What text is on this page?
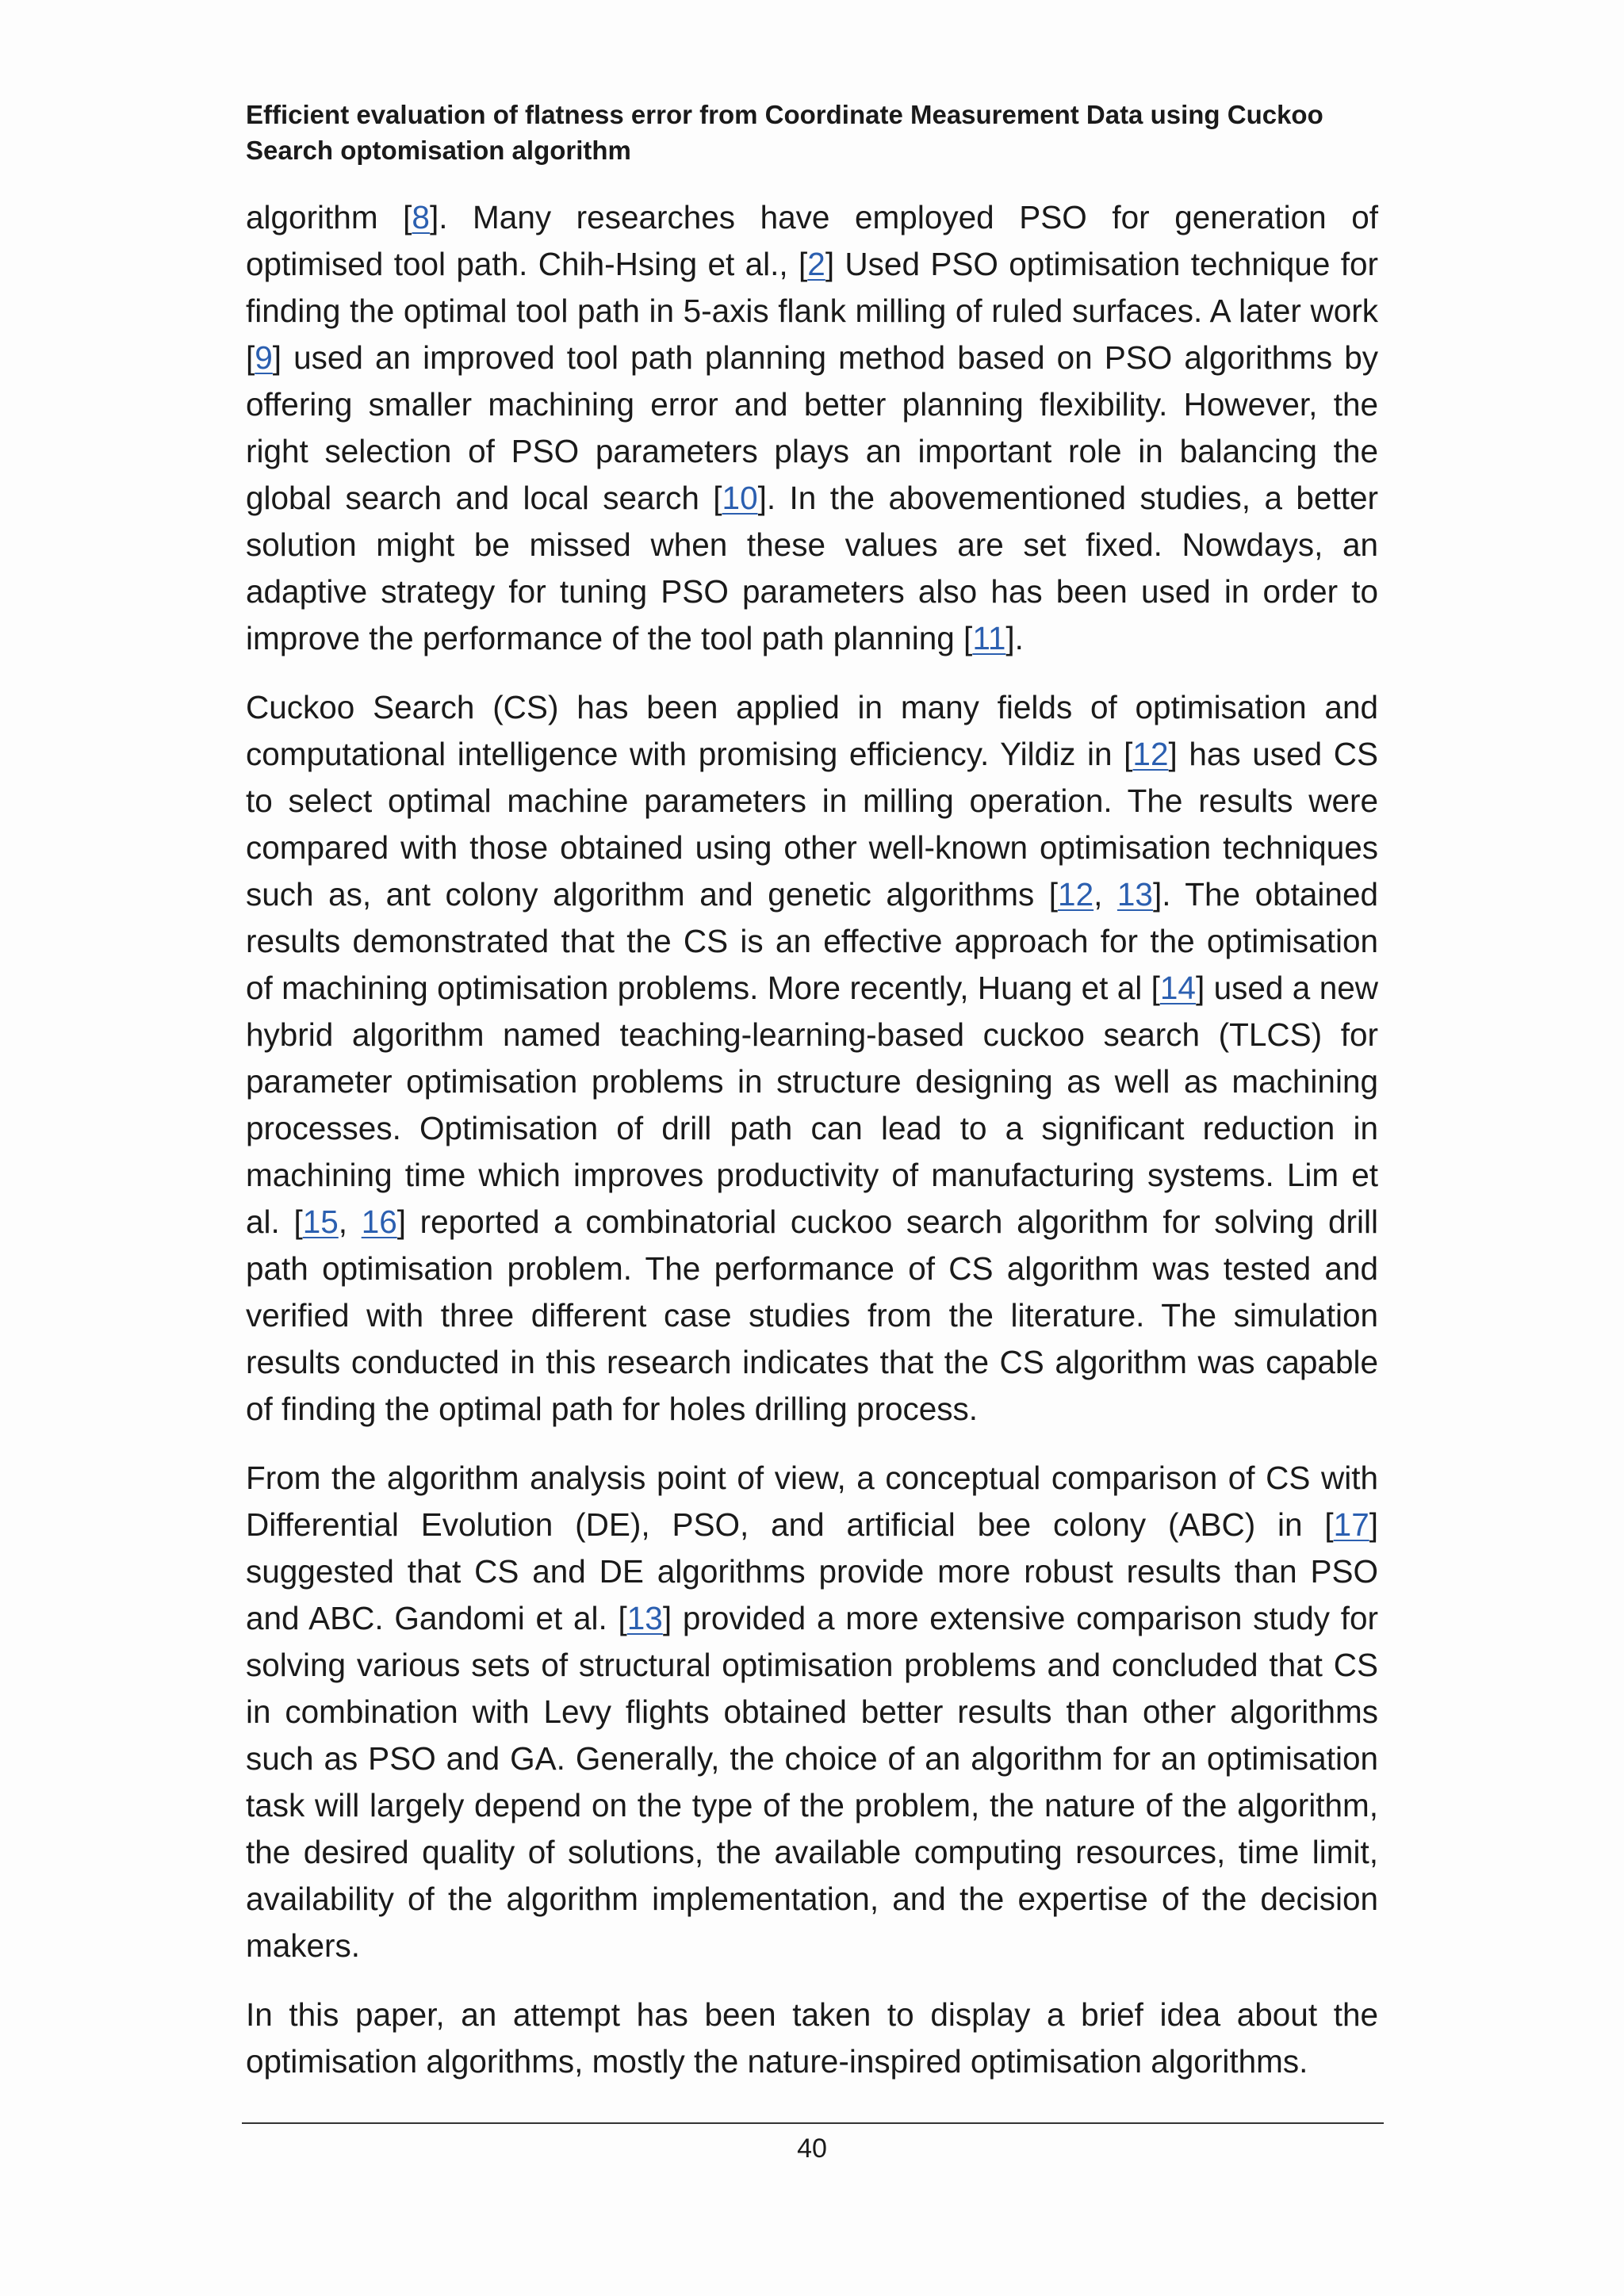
Efficient evaluation of flatness error from Coordinate Measurement Data using Cuckoo
Search optomisation algorithm

algorithm [8]. Many researches have employed PSO for generation of optimised tool path. Chih-Hsing et al., [2] Used PSO optimisation technique for finding the optimal tool path in 5-axis flank milling of ruled surfaces. A later work [9] used an improved tool path planning method based on PSO algorithms by offering smaller machining error and better planning flexibility. However, the right selection of PSO parameters plays an important role in balancing the global search and local search [10]. In the abovementioned studies, a better solution might be missed when these values are set fixed. Nowdays, an adaptive strategy for tuning PSO parameters also has been used in order to improve the performance of the tool path planning [11].

Cuckoo Search (CS) has been applied in many fields of optimisation and computational intelligence with promising efficiency. Yildiz in [12] has used CS to select optimal machine parameters in milling operation. The results were compared with those obtained using other well-known optimisation techniques such as, ant colony algorithm and genetic algorithms [12, 13]. The obtained results demonstrated that the CS is an effective approach for the optimisation of machining optimisation problems. More recently, Huang et al [14] used a new hybrid algorithm named teaching-learning-based cuckoo search (TLCS) for parameter optimisation problems in structure designing as well as machining processes. Optimisation of drill path can lead to a significant reduction in machining time which improves productivity of manufacturing systems. Lim et al. [15, 16] reported a combinatorial cuckoo search algorithm for solving drill path optimisation problem. The performance of CS algorithm was tested and verified with three different case studies from the literature. The simulation results conducted in this research indicates that the CS algorithm was capable of finding the optimal path for holes drilling process.

From the algorithm analysis point of view, a conceptual comparison of CS with Differential Evolution (DE), PSO, and artificial bee colony (ABC) in [17] suggested that CS and DE algorithms provide more robust results than PSO and ABC. Gandomi et al. [13] provided a more extensive comparison study for solving various sets of structural optimisation problems and concluded that CS in combination with Levy flights obtained better results than other algorithms such as PSO and GA. Generally, the choice of an algorithm for an optimisation task will largely depend on the type of the problem, the nature of the algorithm, the desired quality of solutions, the available computing resources, time limit, availability of the algorithm implementation, and the expertise of the decision makers.

In this paper, an attempt has been taken to display a brief idea about the optimisation algorithms, mostly the nature-inspired optimisation algorithms.

40
